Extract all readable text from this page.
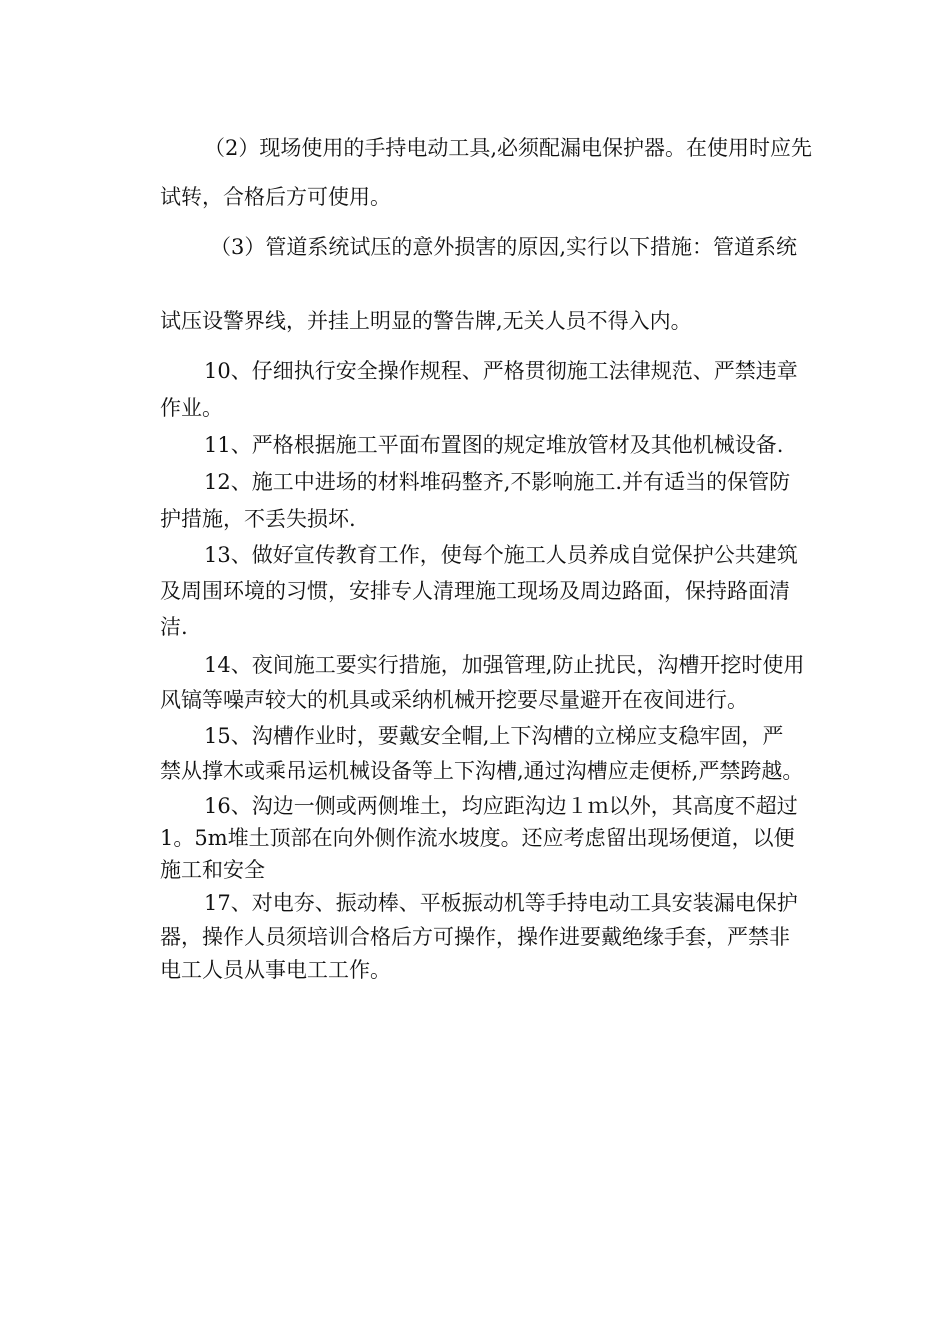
（2）现场使用的手持电动工具,必须配漏电保护器。在使用时应先
试转，合格后方可使用。
（3）管道系统试压的意外损害的原因,实行以下措施：管道系统
试压设警界线，并挂上明显的警告牌,无关人员不得入内。
10、仔细执行安全操作规程、严格贯彻施工法律规范、严禁违章
作业。
11、严格根据施工平面布置图的规定堆放管材及其他机械设备.
12、施工中进场的材料堆码整齐,不影响施工.并有适当的保管防
护措施，不丢失损坏.
13、做好宣传教育工作，使每个施工人员养成自觉保护公共建筑
及周围环境的习惯，安排专人清理施工现场及周边路面，保持路面清
洁.
14、夜间施工要实行措施，加强管理,防止扰民，沟槽开挖时使用
风镐等噪声较大的机具或采纳机械开挖要尽量避开在夜间进行。
15、沟槽作业时，要戴安全帽,上下沟槽的立梯应支稳牢固，严
禁从撑木或乘吊运机械设备等上下沟槽,通过沟槽应走便桥,严禁跨越。
16、沟边一侧或两侧堆土，均应距沟边１ｍ以外，其高度不超过
1。5m堆土顶部在向外侧作流水坡度。还应考虑留出现场便道，以便
施工和安全
17、对电夯、振动棒、平板振动机等手持电动工具安装漏电保护
器，操作人员须培训合格后方可操作，操作进要戴绝缘手套，严禁非
电工人员从事电工工作。
